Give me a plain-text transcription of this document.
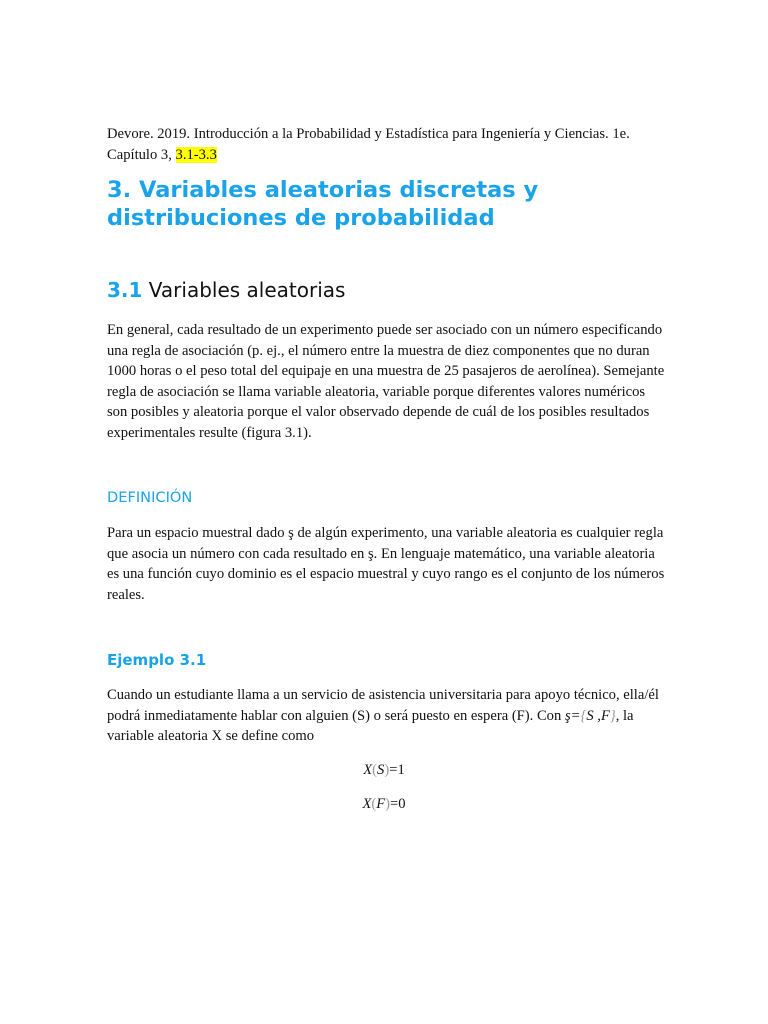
Devore. 2019. Introducción a la Probabilidad y Estadística para Ingeniería y Ciencias. 1e. Capítulo 3, 3.1-3.3
3. Variables aleatorias discretas y distribuciones de probabilidad
3.1 Variables aleatorias

En general, cada resultado de un experimento puede ser asociado con un número especificando una regla de asociación (p. ej., el número entre la muestra de diez componentes que no duran 1000 horas o el peso total del equipaje en una muestra de 25 pasajeros de aerolínea). Semejante regla de asociación se llama variable aleatoria, variable porque diferentes valores numéricos son posibles y aleatoria porque el valor observado depende de cuál de los posibles resultados experimentales resulte (figura 3.1).

DEFINICIÓN

Para un espacio muestral dado ş de algún experimento, una variable aleatoria es cualquier regla que asocia un número con cada resultado en ş. En lenguaje matemático, una variable aleatoria es una función cuyo dominio es el espacio muestral y cuyo rango es el conjunto de los números reales.

Ejemplo 3.1

Cuando un estudiante llama a un servicio de asistencia universitaria para apoyo técnico, ella/él podrá inmediatamente hablar con alguien (S) o será puesto en espera (F). Con ş={S ,F}, la variable aleatoria X se define como

X(S)=1
X(F)=0
